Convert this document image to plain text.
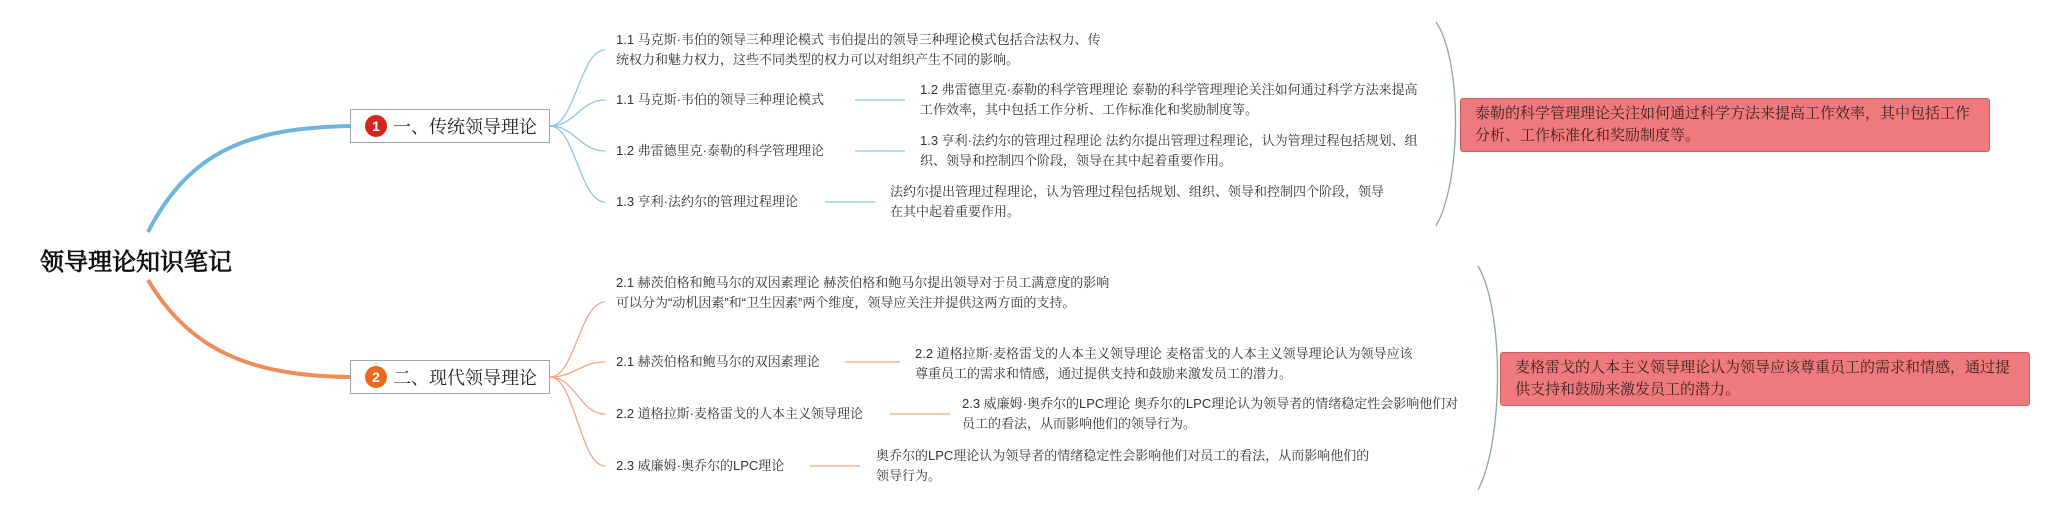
领导理论知识笔记
1 一、传统领导理论
1.1 马克斯·韦伯的领导三种理论模式 韦伯提出的领导三种理论模式包括合法权力、传统权力和魅力权力，这些不同类型的权力可以对组织产生不同的影响。
1.1 马克斯·韦伯的领导三种理论模式
1.2 弗雷德里克·泰勒的科学管理理论
1.3 亨利·法约尔的管理过程理论
1.2 弗雷德里克·泰勒的科学管理理论 泰勒的科学管理理论关注如何通过科学方法来提高工作效率，其中包括工作分析、工作标准化和奖励制度等。
1.3 亨利·法约尔的管理过程理论 法约尔提出管理过程理论，认为管理过程包括规划、组织、领导和控制四个阶段，领导在其中起着重要作用。
法约尔提出管理过程理论，认为管理过程包括规划、组织、领导和控制四个阶段，领导在其中起着重要作用。
泰勒的科学管理理论关注如何通过科学方法来提高工作效率，其中包括工作分析、工作标准化和奖励制度等。
2 二、现代领导理论
2.1 赫茨伯格和鲍马尔的双因素理论 赫茨伯格和鲍马尔提出领导对于员工满意度的影响可以分为“动机因素”和“卫生因素”两个维度，领导应关注并提供这两方面的支持。
2.1 赫茨伯格和鲍马尔的双因素理论
2.2 道格拉斯·麦格雷戈的人本主义领导理论
2.3 威廉姆·奥乔尔的LPC理论
2.2 道格拉斯·麦格雷戈的人本主义领导理论 麦格雷戈的人本主义领导理论认为领导应该尊重员工的需求和情感，通过提供支持和鼓励来激发员工的潜力。
2.3 威廉姆·奥乔尔的LPC理论 奥乔尔的LPC理论认为领导者的情绪稳定性会影响他们对员工的看法，从而影响他们的领导行为。
奥乔尔的LPC理论认为领导者的情绪稳定性会影响他们对员工的看法，从而影响他们的领导行为。
麦格雷戈的人本主义领导理论认为领导应该尊重员工的需求和情感，通过提供支持和鼓励来激发员工的潜力。
